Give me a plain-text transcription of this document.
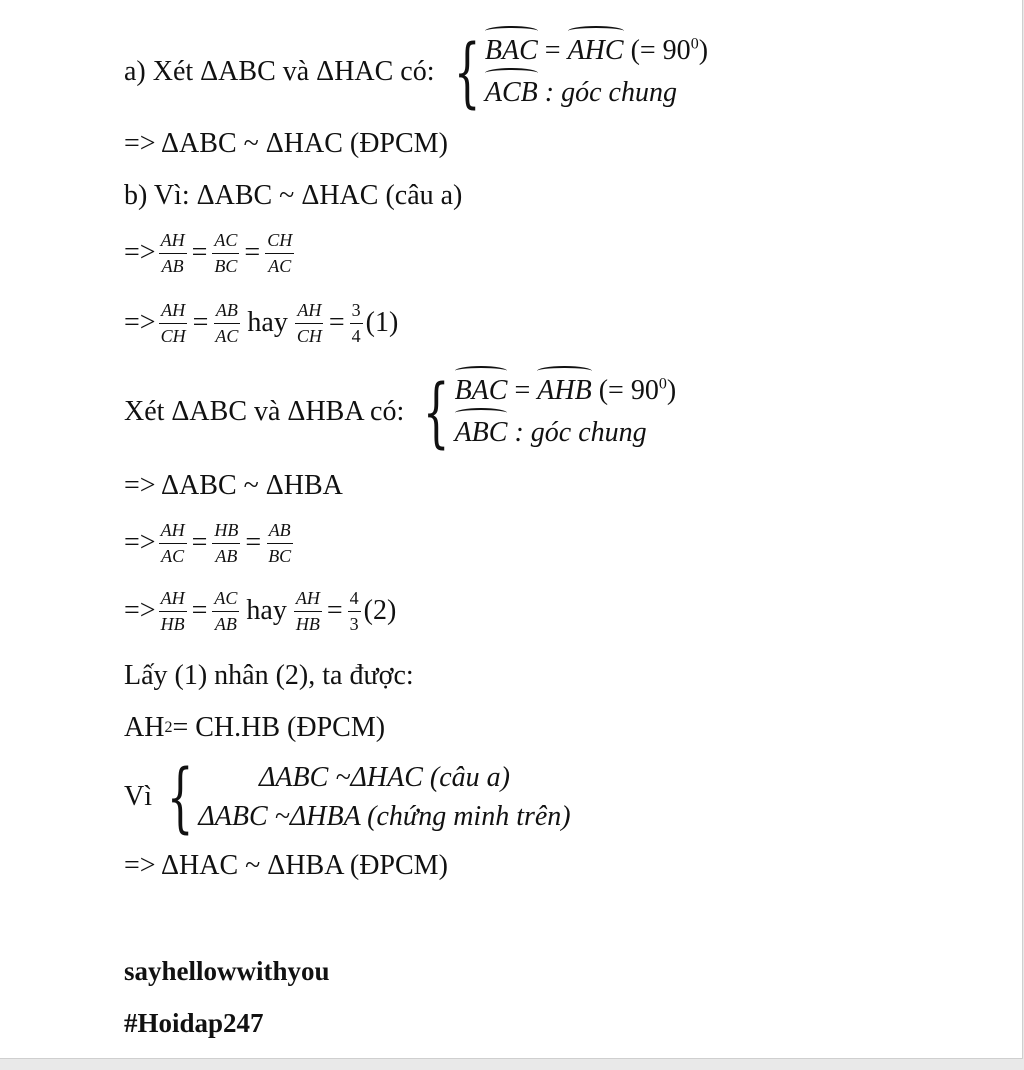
a) Xét ΔABC và ΔHAC có: { BAC = AHC (= $90^0$)
ACB : góc chung
=> ΔABC ~ ΔHAC (ĐPCM)
b) Vì: ΔABC ~ ΔHAC (câu a)
=> $\frac{AH}{AB} = \frac{AC}{BC} = \frac{CH}{AC}$
=> $\frac{AH}{CH} = \frac{AB}{AC}$ hay $\frac{AH}{CH} = \frac{3}{4} (1)$
Xét ΔABC và ΔHBA có: { BAC = AHB (= $90^0$)
ABC : góc chung
=> ΔABC ~ ΔHBA
=> $\frac{AH}{AC} = \frac{HB}{AB} = \frac{AB}{BC}$
=> $\frac{AH}{HB} = \frac{AC}{AB}$ hay $\frac{AH}{HB} = \frac{4}{3} (2)$
Lấy (1) nhân (2), ta được:
AH 2 = CH.HB (ĐPCM)
Vì { ΔABC ~ΔHAC (câu a)
ΔABC ~ΔHBA (chứng minh trên)
=> ΔHAC ~ ΔHBA (ĐPCM)
sayhellowwithyou
#Hoidap247
